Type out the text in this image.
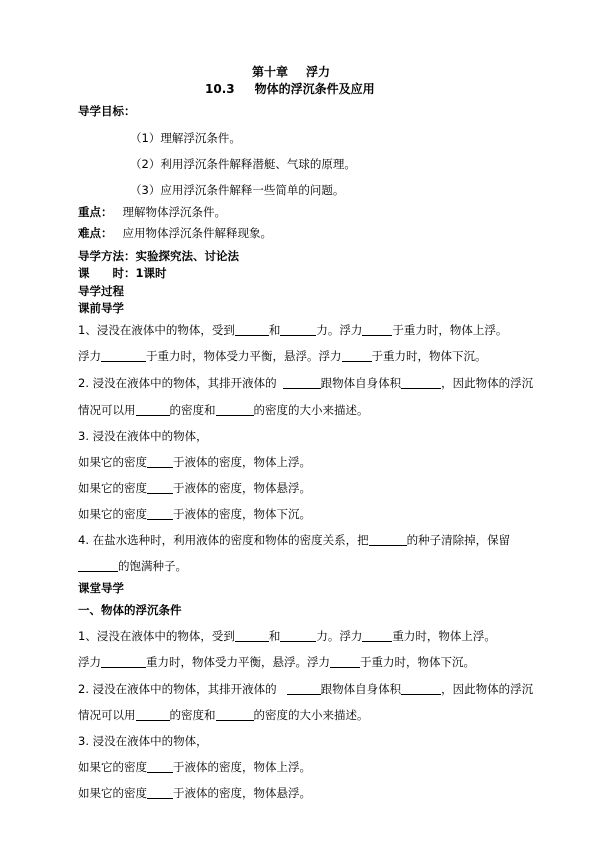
第十章 浮力
10.3 物体的浮沉条件及应用
导学目标：
（1）理解浮沉条件。
（2）利用浮沉条件解释潜艇、气球的原理。
（3）应用浮沉条件解释一些简单的问题。
重点： 理解物体浮沉条件。
难点： 应用物体浮沉条件解释现象。
导学方法：实验探究法、讨论法
课　　时：1课时
导学过程
课前导学
1、浸没在液体中的物体，受到	和	力。浮力	于重力时，物体上浮。
浮力	于重力时，物体受力平衡，悬浮。浮力	于重力时，物体下沉。
2. 浸没在液体中的物体，其排开液体的	跟物体自身体积	，因此物体的浮沉
情况可以用	的密度和	的密度的大小来描述。
3. 浸没在液体中的物体，
如果它的密度 于液体的密度，物体上浮。
如果它的密度 于液体的密度，物体悬浮。
如果它的密度 于液体的密度，物体下沉。
4. 在盐水选种时，利用液体的密度和物体的密度关系，把	的种子清除掉，保留
的饱满种子。
课堂导学
一、物体的浮沉条件
1、浸没在液体中的物体，受到	和	力。浮力	重力时，物体上浮。
浮力	重力时，物体受力平衡，悬浮。浮力	于重力时，物体下沉。
2. 浸没在液体中的物体，其排开液体的	跟物体自身体积	，因此物体的浮沉
情况可以用	的密度和	的密度的大小来描述。
3. 浸没在液体中的物体，
如果它的密度 于液体的密度，物体上浮。
如果它的密度 于液体的密度，物体悬浮。
